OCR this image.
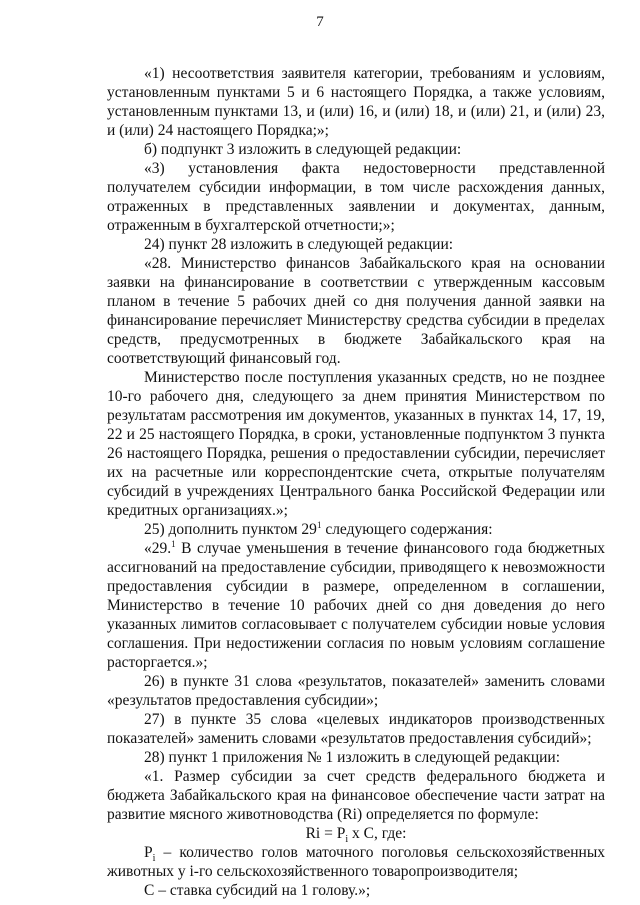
7

«1) несоответствия заявителя категории, требованиям и условиям, установленным пунктами 5 и 6 настоящего Порядка, а также условиям, установленным пунктами 13, и (или) 16, и (или) 18, и (или) 21, и (или) 23, и (или) 24 настоящего Порядка;»;

б) подпункт 3 изложить в следующей редакции:

«3) установления факта недостоверности представленной получателем субсидии информации, в том числе расхождения данных, отраженных в представленных заявлении и документах, данным, отраженным в бухгалтерской отчетности;»;

24) пункт 28 изложить в следующей редакции:

«28. Министерство финансов Забайкальского края на основании заявки на финансирование в соответствии с утвержденным кассовым планом в течение 5 рабочих дней со дня получения данной заявки на финансирование перечисляет Министерству средства субсидии в пределах средств, предусмотренных в бюджете Забайкальского края на соответствующий финансовый год.

Министерство после поступления указанных средств, но не позднее 10-го рабочего дня, следующего за днем принятия Министерством по результатам рассмотрения им документов, указанных в пунктах 14, 17, 19, 22 и 25 настоящего Порядка, в сроки, установленные подпунктом 3 пункта 26 настоящего Порядка, решения о предоставлении субсидии, перечисляет их на расчетные или корреспондентские счета, открытые получателям субсидий в учреждениях Центрального банка Российской Федерации или кредитных организациях.»;

25) дополнить пунктом $29^1$ следующего содержания:

«29.$^1$ В случае уменьшения в течение финансового года бюджетных ассигнований на предоставление субсидии, приводящего к невозможности предоставления субсидии в размере, определенном в соглашении, Министерство в течение 10 рабочих дней со дня доведения до него указанных лимитов согласовывает с получателем субсидии новые условия соглашения. При недостижении согласия по новым условиям соглашение расторгается.»;

26) в пункте 31 слова «результатов, показателей» заменить словами «результатов предоставления субсидии»;

27) в пункте 35 слова «целевых индикаторов производственных показателей» заменить словами «результатов предоставления субсидий»;

28) пункт 1 приложения № 1 изложить в следующей редакции:

«1. Размер субсидии за счет средств федерального бюджета и бюджета Забайкальского края на финансовое обеспечение части затрат на развитие мясного животноводства (Ri) определяется по формуле:

$Ri = P_i$ x C, где:

$P_i$ – количество голов маточного поголовья сельскохозяйственных животных у i-го сельскохозяйственного товаропроизводителя;

C – ставка субсидий на 1 голову.»;
